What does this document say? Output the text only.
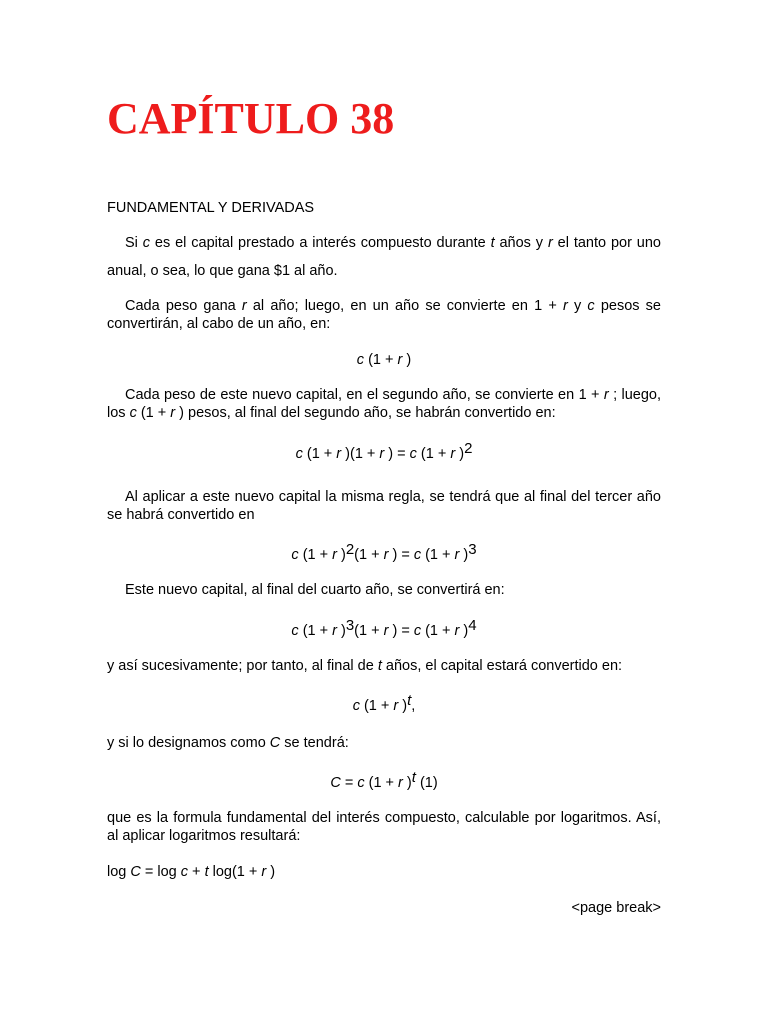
CAPÍTULO 38

FUNDAMENTAL Y DERIVADAS

Si c es el capital prestado a interés compuesto durante t años y r el tanto por uno anual, o sea, lo que gana $1 al año.

Cada peso gana r al año; luego, en un año se convierte en 1 + r y c pesos se convertirán, al cabo de un año, en:

c (1 + r )

Cada peso de este nuevo capital, en el segundo año, se convierte en 1 + r ; luego, los c (1 + r ) pesos, al final del segundo año, se habrán convertido en:

c (1 + r )(1 + r ) = c (1 + r )$^2$

Al aplicar a este nuevo capital la misma regla, se tendrá que al final del tercer año se habrá convertido en

c (1 + r )$^2$(1 + r ) = c (1 + r )$^3$

Este nuevo capital, al final del cuarto año, se convertirá en:

c (1 + r )$^3$(1 + r ) = c (1 + r )$^4$

y así sucesivamente; por tanto, al final de t años, el capital estará convertido en:

c (1 + r )$^t$,

y si lo designamos como C se tendrá:

C = c (1 + r )$^t$ (1)

que es la formula fundamental del interés compuesto, calculable por logaritmos. Así, al aplicar logaritmos resultará:

log C = log c + t log(1 + r )

<page break>
